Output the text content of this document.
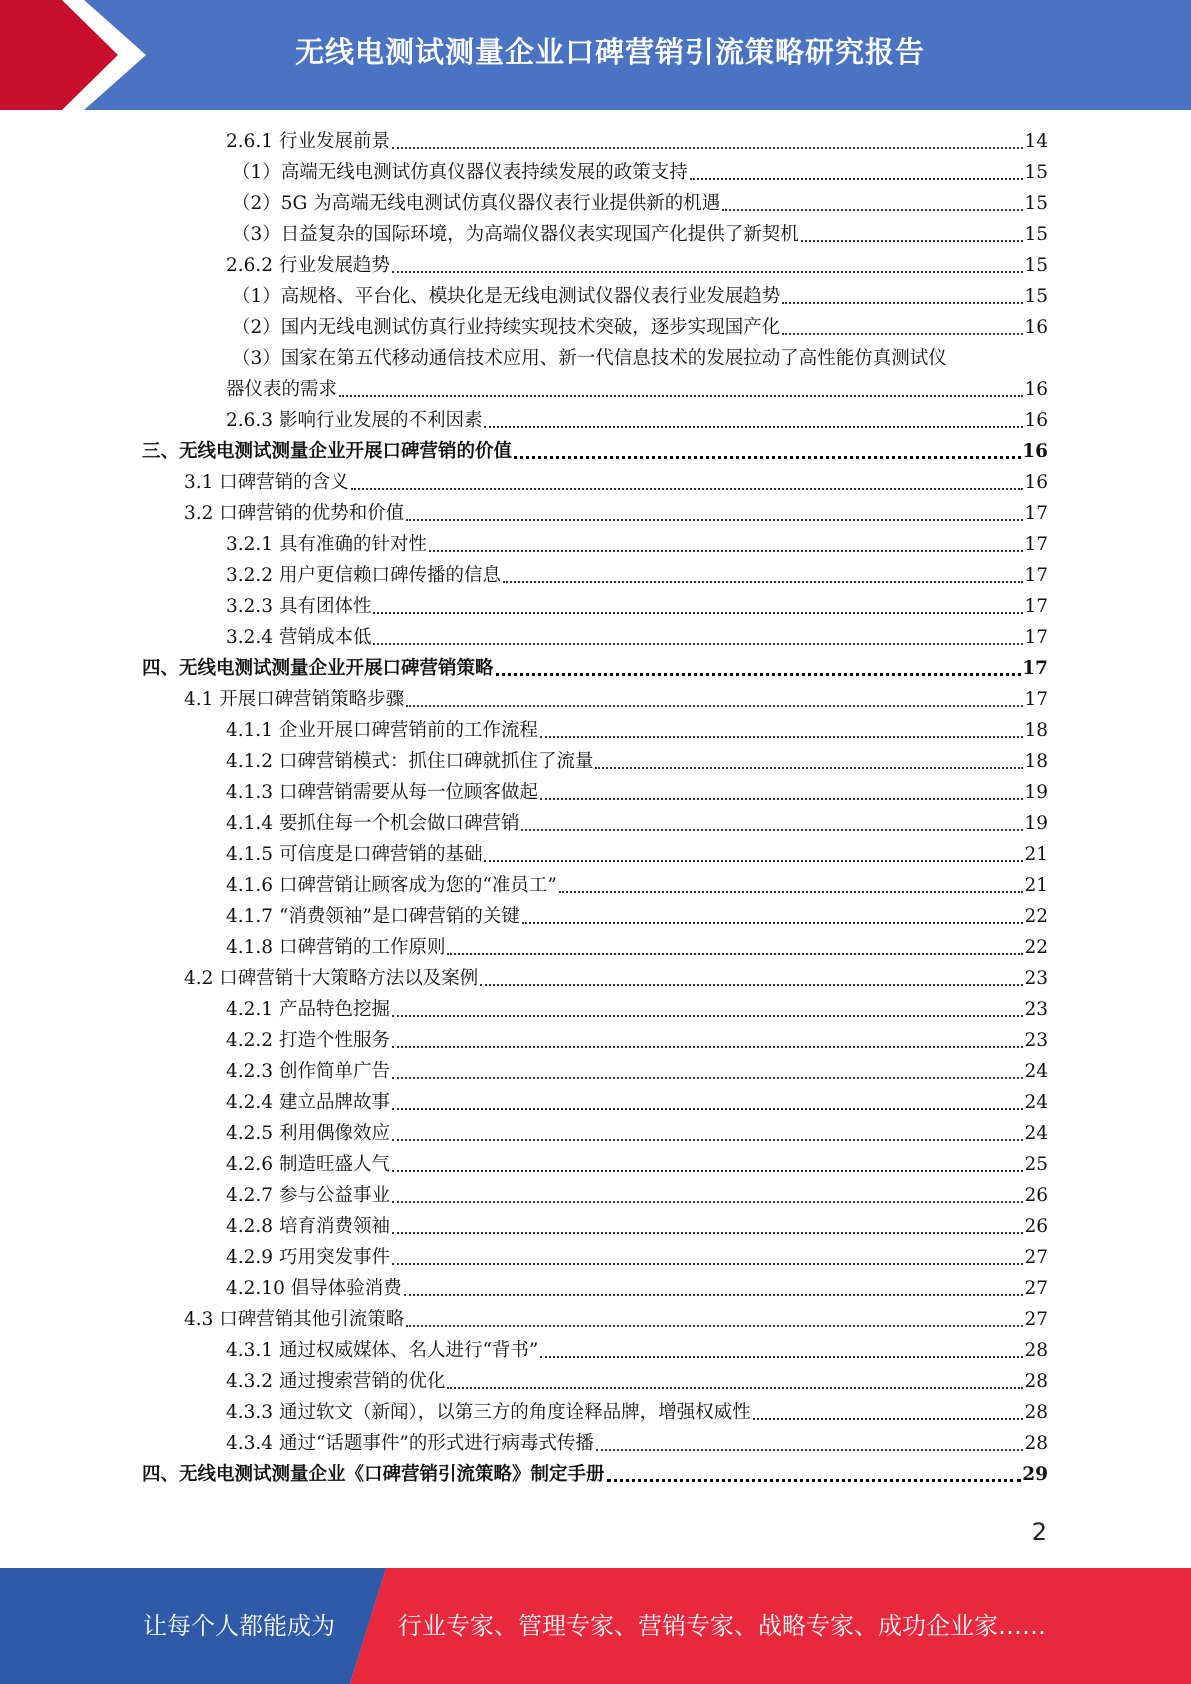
无线电测试测量企业口碑营销引流策略研究报告
2.6.1 行业发展前景	14
（1）高端无线电测试仿真仪器仪表持续发展的政策支持	15
（2）5G 为高端无线电测试仿真仪器仪表行业提供新的机遇	15
（3）日益复杂的国际环境，为高端仪器仪表实现国产化提供了新契机	15
2.6.2 行业发展趋势	15
（1）高规格、平台化、模块化是无线电测试仪器仪表行业发展趋势	15
（2）国内无线电测试仿真行业持续实现技术突破，逐步实现国产化	16
（3）国家在第五代移动通信技术应用、新一代信息技术的发展拉动了高性能仿真测试仪
器仪表的需求	16
2.6.3 影响行业发展的不利因素	16
三、无线电测试测量企业开展口碑营销的价值	16
3.1 口碑营销的含义	16
3.2 口碑营销的优势和价值	17
3.2.1 具有准确的针对性	17
3.2.2 用户更信赖口碑传播的信息	17
3.2.3 具有团体性	17
3.2.4 营销成本低	17
四、无线电测试测量企业开展口碑营销策略	17
4.1 开展口碑营销策略步骤	17
4.1.1 企业开展口碑营销前的工作流程	18
4.1.2 口碑营销模式：抓住口碑就抓住了流量	18
4.1.3 口碑营销需要从每一位顾客做起	19
4.1.4 要抓住每一个机会做口碑营销	19
4.1.5 可信度是口碑营销的基础	21
4.1.6 口碑营销让顾客成为您的“准员工”	21
4.1.7 “消费领袖”是口碑营销的关键	22
4.1.8 口碑营销的工作原则	22
4.2 口碑营销十大策略方法以及案例	23
4.2.1 产品特色挖掘	23
4.2.2 打造个性服务	23
4.2.3 创作简单广告	24
4.2.4 建立品牌故事	24
4.2.5 利用偶像效应	24
4.2.6 制造旺盛人气	25
4.2.7 参与公益事业	26
4.2.8 培育消费领袖	26
4.2.9 巧用突发事件	27
4.2.10 倡导体验消费	27
4.3 口碑营销其他引流策略	27
4.3.1 通过权威媒体、名人进行“背书”	28
4.3.2 通过搜索营销的优化	28
4.3.3 通过软文（新闻），以第三方的角度诠释品牌，增强权威性	28
4.3.4 通过“话题事件”的形式进行病毒式传播	28
四、无线电测试测量企业《口碑营销引流策略》制定手册	29
2
让每个人都能成为	行业专家、管理专家、营销专家、战略专家、成功企业家……
